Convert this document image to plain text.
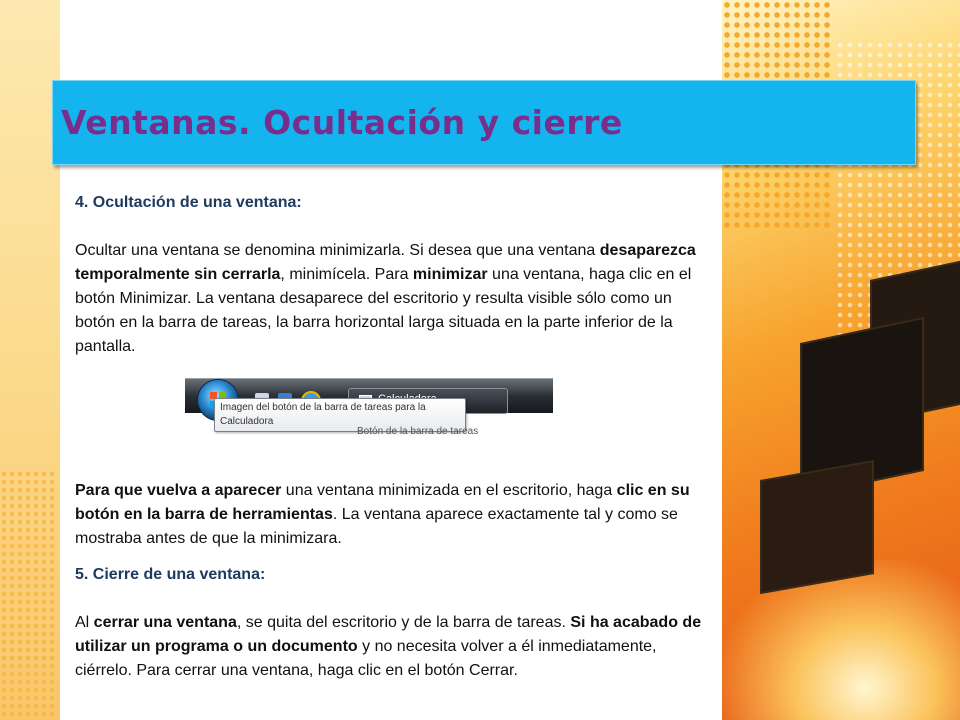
Ventanas. Ocultación y cierre

4. Ocultación de una ventana:

Ocultar una ventana se denomina minimizarla. Si desea que una ventana desaparezca temporalmente sin cerrarla, minimícela. Para minimizar una ventana, haga clic en el botón Minimizar. La ventana desaparece del escritorio y resulta visible sólo como un botón en la barra de tareas, la barra horizontal larga situada en la parte inferior de la pantalla.

Para que vuelva a aparecer una ventana minimizada en el escritorio, haga clic en su botón en la barra de herramientas. La ventana aparece exactamente tal y como se mostraba antes de que la minimizara.

5. Cierre de una ventana:

Al cerrar una ventana, se quita del escritorio y de la barra de tareas. Si ha acabado de utilizar un programa o un documento y no necesita volver a él inmediatamente, ciérrelo. Para cerrar una ventana, haga clic en el botón Cerrar.

Imagen del botón de la barra de tareas para la Calculadora
Botón de la barra de tareas
